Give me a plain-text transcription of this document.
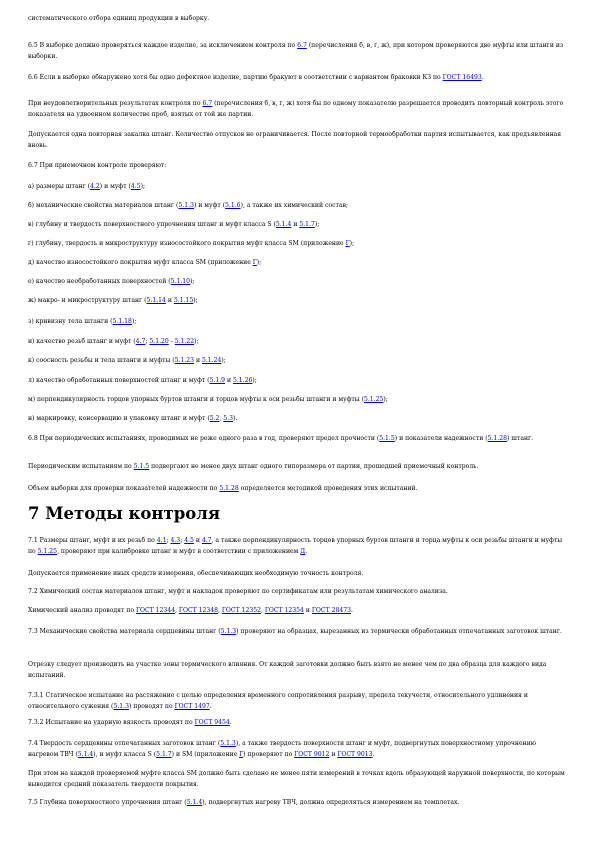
систематического отбора единиц продукции в выборку.
6.5 В выборке должно проверяться каждое изделие, за исключением контроля по 6.7 (перечисления б, в, г, ж), при котором проверяются две муфты или штанги из выборки.
6.6 Если в выборке обнаружено хотя бы одно дефектное изделие, партию бракуют в соответствии с вариантом браковки КЗ по ГОСТ 16493.
При неудовлетворительных результатах контроля по 6.7 (перечисления б, в, г, ж) хотя бы по одному показателю разрешается проводить повторный контроль этого показателя на удвоенном количестве проб, взятых от той же партии.
Допускается одна повторная закалка штанг. Количество отпусков не ограничивается. После повторной термообработки партия испытывается, как предъявленная вновь.
6.7 При приемочном контроле проверяют:
а) размеры штанг (4.2) и муфт (4.5);
б) механические свойства материалов штанг (5.1.3) и муфт (5.1.6), а также их химический состав;
в) глубину и твердость поверхностного упрочнения штанг и муфт класса S (5.1.4 и 5.1.7);
г) глубину, твердость и микроструктуру износостойкого покрытия муфт класса SM (приложение Г);
д) качество износостойкого покрытия муфт класса SM (приложение Г);
е) качество необработанных поверхностей (5.1.10);
ж) макро- и микроструктуру штанг (5.1.14 и 5.1.15);
з) кривизну тела штанги (5.1.18);
и) качество резьб штанг и муфт (4.7; 5.1.20 - 5.1.22);
к) соосность резьбы и тела штанги и муфты (5.1.23 и 5.1.24);
л) качество обработанных поверхностей штанг и муфт (5.1.9 и 5.1.26);
м) перпендикулярность торцов упорных буртов штанги и торцов муфты к оси резьбы штанги и муфты (5.1.25);
н) маркировку, консервацию и упаковку штанг и муфт (5.2, 5.3).
6.8 При периодических испытаниях, проводимых не реже одного раза в год, проверяют предел прочности (5.1.5) и показатели надежности (5.1.28) штанг.
Периодическим испытаниям по 5.1.5 подвергают не менее двух штанг одного типоразмера от партии, прошедшей приемочный контроль.
Объем выборки для проверки показателей надежности по 5.1.28 определяется методикой проведения этих испытаний.
7 Методы контроля
7.1 Размеры штанг, муфт и их резьб по 4.1; 4.3; 4.5 и 4.7, а также перпендикулярность торцов упорных буртов штанги и торца муфты к оси резьбы штанги и муфты по 5.1.25, проверяют при калибровке штанг и муфт в соответствии с приложением Д.
Допускается применение иных средств измерения, обеспечивающих необходимую точность контроля.
7.2 Химический состав материалов штанг, муфт и накладок проверяют по сертификатам или результатам химического анализа.
Химический анализ проводят по ГОСТ 12344, ГОСТ 12348, ГОСТ 12352, ГОСТ 12354 и ГОСТ 28473.
7.3 Механические свойства материала сердцевины штанг (5.1.3) проверяют на образцах, вырезанных из термически обработанных отпечатанных заготовок штанг.
Отрезку следует производить на участке зоны термического влияния. От каждой заготовки должно быть взято не менее чем по два образца для каждого вида испытаний.
7.3.1 Статическое испытание на растяжение с целью определения временного сопротивления разрыву, предела текучести, относительного удлинения и относительного сужения (5.1.3) проводят по ГОСТ 1497.
7.3.2 Испытание на ударную вязкость проводят по ГОСТ 9454.
7.4 Твердость сердцевины отпечатанных заготовок штанг (5.1.3), а также твердость поверхности штанг и муфт, подвергнутых поверхностному упрочнению нагревом ТВЧ (5.1.4), и муфт класса S (5.1.7) и SM (приложение Г) проверяют по ГОСТ 9012 и ГОСТ 9013.
При этом на каждой проверяемой муфте класса SM должно быть сделано не менее пяти измерений в точках вдоль образующей наружной поверхности, по которым выводится средний показатель твердости покрытия.
7.5 Глубина поверхностного упрочнения штанг (5.1.4), подвергнутых нагреву ТВЧ, должна определяться измерением на темплетах.
